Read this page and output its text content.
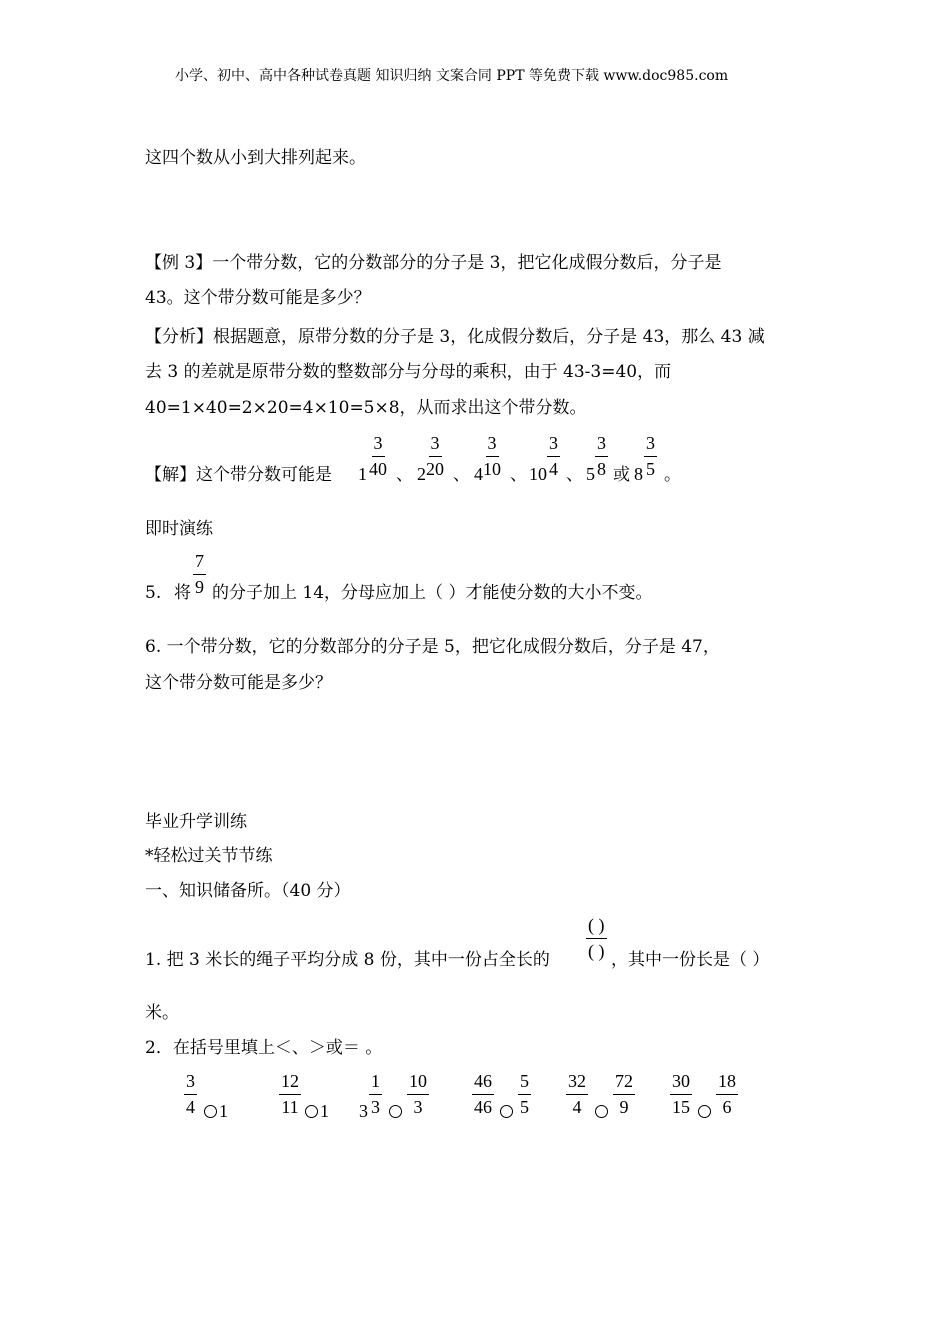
小学、初中、高中各种试卷真题 知识归纳 文案合同 PPT 等免费下载 www.doc985.com
这四个数从小到大排列起来。
【例 3】一个带分数，它的分数部分的分子是 3，把它化成假分数后，分子是
43。这个带分数可能是多少？
【分析】根据题意，原带分数的分子是 3，化成假分数后，分子是 43，那么 43 减
去 3 的差就是原带分数的整数部分与分母的乘积，由于 43-3=40，而
40=1×40=2×20=4×10=5×8，从而求出这个带分数。
【解】这个带分数可能是 $1 \frac{3}{40}$ 、 $2 \frac{3}{20}$ 、 $4 \frac{3}{10}$ 、 $10 \frac{3}{4}$ 、 $5 \frac{3}{8}$ 或 $8 \frac{3}{5}$ 。
即时演练
5. 将 $\frac{7}{9}$ 的分子加上 14，分母应加上（ ）才能使分数的大小不变。
6. 一个带分数，它的分数部分的分子是 5，把它化成假分数后，分子是 47，
这个带分数可能是多少？
毕业升学训练
*轻松过关节节练
一、知识储备所。（40 分）
1. 把 3 米长的绳子平均分成 8 份，其中一份占全长的
( )
( ) ，其中一份长是（ ）
米。
2．在括号里填上＜、＞或＝ 。
$\frac{3}{4} 1$	$\frac{12}{11} 1$ $3 \frac{1}{3} \frac{10}{3} \frac{46}{46} \frac{5}{5} \frac{32}{4} \frac{72}{9} \frac{30}{15} \frac{18}{6}$
